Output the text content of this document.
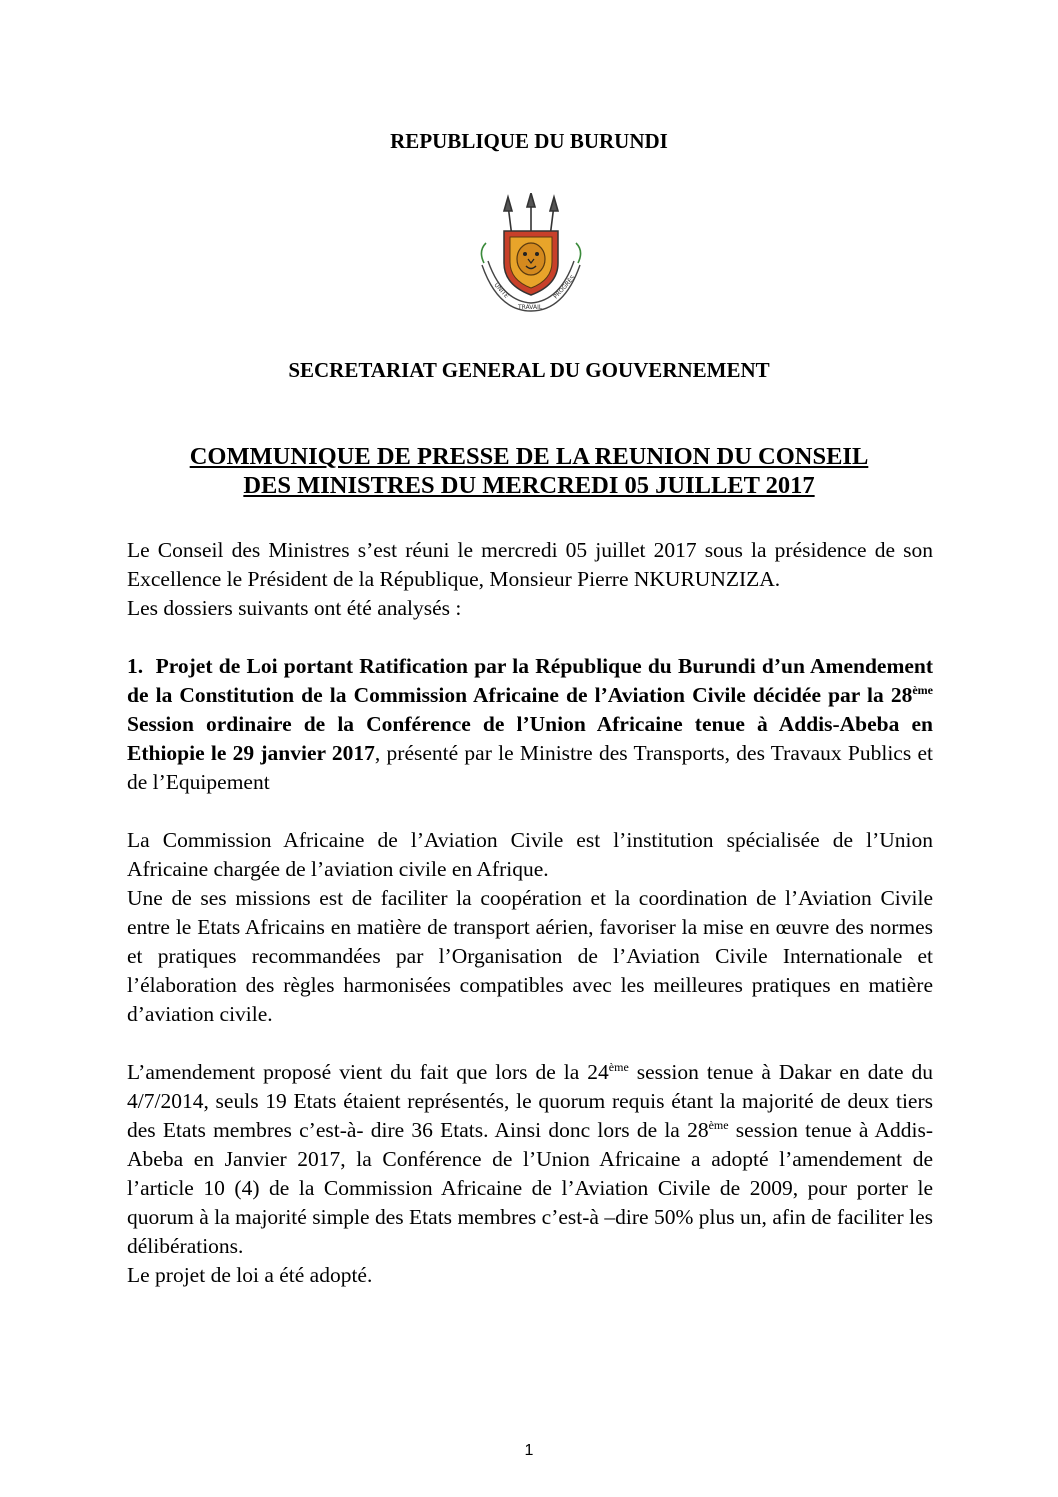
REPUBLIQUE DU BURUNDI
UNITÉ
TRAVAIL
PROGRÈS
SECRETARIAT GENERAL DU GOUVERNEMENT
COMMUNIQUE DE PRESSE DE LA REUNION DU CONSEIL
DES MINISTRES DU MERCREDI 05 JUILLET 2017

Le Conseil des Ministres s’est réuni le mercredi 05 juillet 2017 sous la présidence de son Excellence le Président de la République, Monsieur Pierre NKURUNZIZA.

Les dossiers suivants ont été analysés :

1. Projet de Loi portant Ratification par la République du Burundi d’un Amendement de la Constitution de la Commission Africaine de l’Aviation Civile décidée par la 28ème Session ordinaire de la Conférence de l’Union Africaine tenue à Addis-Abeba en Ethiopie le 29 janvier 2017, présenté par le Ministre des Transports, des Travaux Publics et de l’Equipement

La Commission Africaine de l’Aviation Civile est l’institution spécialisée de l’Union Africaine chargée de l’aviation civile en Afrique.

Une de ses missions est de faciliter la coopération et la coordination de l’Aviation Civile entre le Etats Africains en matière de transport aérien, favoriser la mise en œuvre des normes et pratiques recommandées par l’Organisation de l’Aviation Civile Internationale et l’élaboration des règles harmonisées compatibles avec les meilleures pratiques en matière d’aviation civile.

L’amendement proposé vient du fait que lors de la 24ème session tenue à Dakar en date du 4/7/2014, seuls 19 Etats étaient représentés, le quorum requis étant la majorité de deux tiers des Etats membres c’est-à- dire 36 Etats. Ainsi donc lors de la 28ème session tenue à Addis-Abeba en Janvier 2017, la Conférence de l’Union Africaine a adopté l’amendement de l’article 10 (4) de la Commission Africaine de l’Aviation Civile de 2009, pour porter le quorum à la majorité simple des Etats membres c’est-à –dire 50% plus un, afin de faciliter les délibérations.

Le projet de loi a été adopté.

1
